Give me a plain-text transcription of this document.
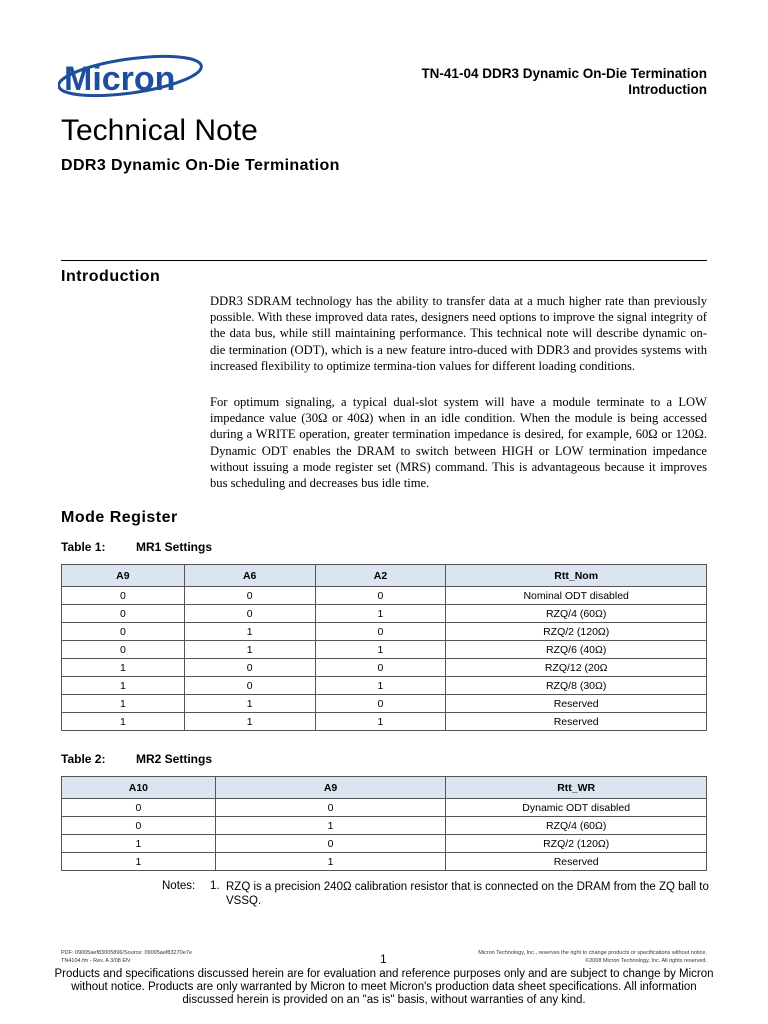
Micron	TN-41-04 DDR3 Dynamic On-Die Termination
Introduction
Technical Note
DDR3 Dynamic On-Die Termination
Introduction

DDR3 SDRAM technology has the ability to transfer data at a much higher rate than previously possible. With these improved data rates, designers need options to improve the signal integrity of the data bus, while still maintaining performance. This technical note will describe dynamic on-die termination (ODT), which is a new feature intro-duced with DDR3 and provides systems with increased flexibility to optimize termina-tion values for different loading conditions.

For optimum signaling, a typical dual-slot system will have a module terminate to a LOW impedance value (30Ω or 40Ω) when in an idle condition. When the module is being accessed during a WRITE operation, greater termination impedance is desired, for example, 60Ω or 120Ω. Dynamic ODT enables the DRAM to switch between HIGH or LOW termination impedance without issuing a mode register set (MRS) command. This is advantageous because it improves bus scheduling and decreases bus idle time.

Mode Register
Table 1:	MR1 Settings
A9	A6	A2	Rtt_Nom
0	0	0	Nominal ODT disabled
0	0	1	RZQ/4 (60Ω)
0	1	0	RZQ/2 (120Ω)
0	1	1	RZQ/6 (40Ω)
1	0	0	RZQ/12 (20Ω
1	0	1	RZQ/8 (30Ω)
1	1	0	Reserved
1	1	1	Reserved
Table 2:	MR2 Settings
A10	A9	Rtt_WR
0	0	Dynamic ODT disabled
0	1	RZQ/4 (60Ω)
1	0	RZQ/2 (120Ω)
1	1	Reserved
Notes: 1. RZQ is a precision 240Ω calibration resistor that is connected on the DRAM from the ZQ ball to VSSQ.

PDF: 09005aef83005896/Source: 09005aef83270e7e
TN4104.fm - Rev. A 3/08 EN	1	Micron Technology, Inc., reserves the right to change products or specifications without notice.
©2008 Micron Technology, Inc. All rights reserved.

Products and specifications discussed herein are for evaluation and reference purposes only and are subject to change by Micron without notice. Products are only warranted by Micron to meet Micron's production data sheet specifications. All information discussed herein is provided on an "as is" basis, without warranties of any kind.
